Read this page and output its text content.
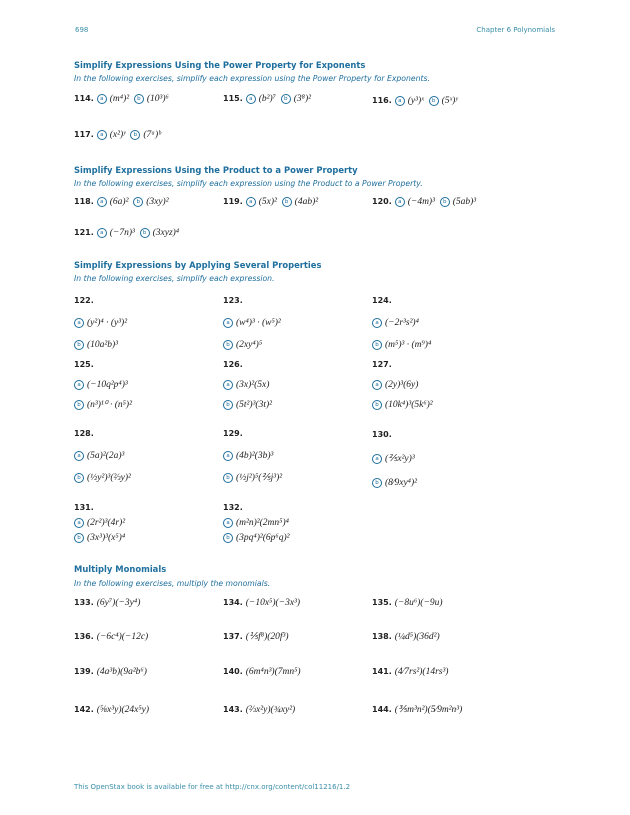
698	Chapter 6 Polynomials
Simplify Expressions Using the Power Property for Exponents
In the following exercises, simplify each expression using the Power Property for Exponents.
114. a (m⁴)² b (10³)⁶	115. a (b²)⁷ b (3⁸)²	116. a (y³)ˣ b (5ˣ)ʸ
117. a (x²)ʸ b (7ᵃ)ᵇ
Simplify Expressions Using the Product to a Power Property
In the following exercises, simplify each expression using the Product to a Power Property.
118. a (6a)² b (3xy)²	119. a (5x)² b (4ab)²	120. a (−4m)³ b (5ab)³
121. a (−7n)³ b (3xyz)⁴
Simplify Expressions by Applying Several Properties
In the following exercises, simplify each expression.
122.
a (y²)⁴ · (y³)²
b (10a²b)³
123.
a (w⁴)³ · (w⁵)²
b (2xy⁴)⁵
124.
a (−2r³s²)⁴
b (m⁵)³ · (m⁹)⁴
125.
a (−10q²p⁴)³
b (n³)¹⁰ · (n⁵)²
126.
a (3x)²(5x)
b (5t²)³(3t)²
127.
a (2y)³(6y)
b (10k⁴)³(5k⁶)²
128.
a (5a)²(2a)³
b (½y²)³(⅔y)²
129.
a (4b)²(3b)³
b (½j²)⁵(⅖j³)²
130.
a (⅖x²y)³
b (8⁄9xy⁴)²
131.
a (2r²)³(4r)²
b (3x³)³(x⁵)⁴
132.
a (m²n)²(2mn⁵)⁴
b (3pq⁴)²(6p⁶q)²
Multiply Monomials
In the following exercises, multiply the monomials.
133. (6y⁷)(−3y⁴)	134. (−10x⁵)(−3x³)	135. (−8u⁶)(−9u)
136. (−6c⁴)(−12c)	137. (⅕f⁸)(20f³)	138. (¼d⁵)(36d²)
139. (4a³b)(9a²b⁶)	140. (6m⁴n³)(7mn⁵)	141. (4⁄7rs²)(14rs³)
142. (⅝x³y)(24x⁵y)	143. (⅔x²y)(¾xy²)	144. (⅗m³n²)(5⁄9m²n³)
This OpenStax book is available for free at http://cnx.org/content/col11216/1.2
